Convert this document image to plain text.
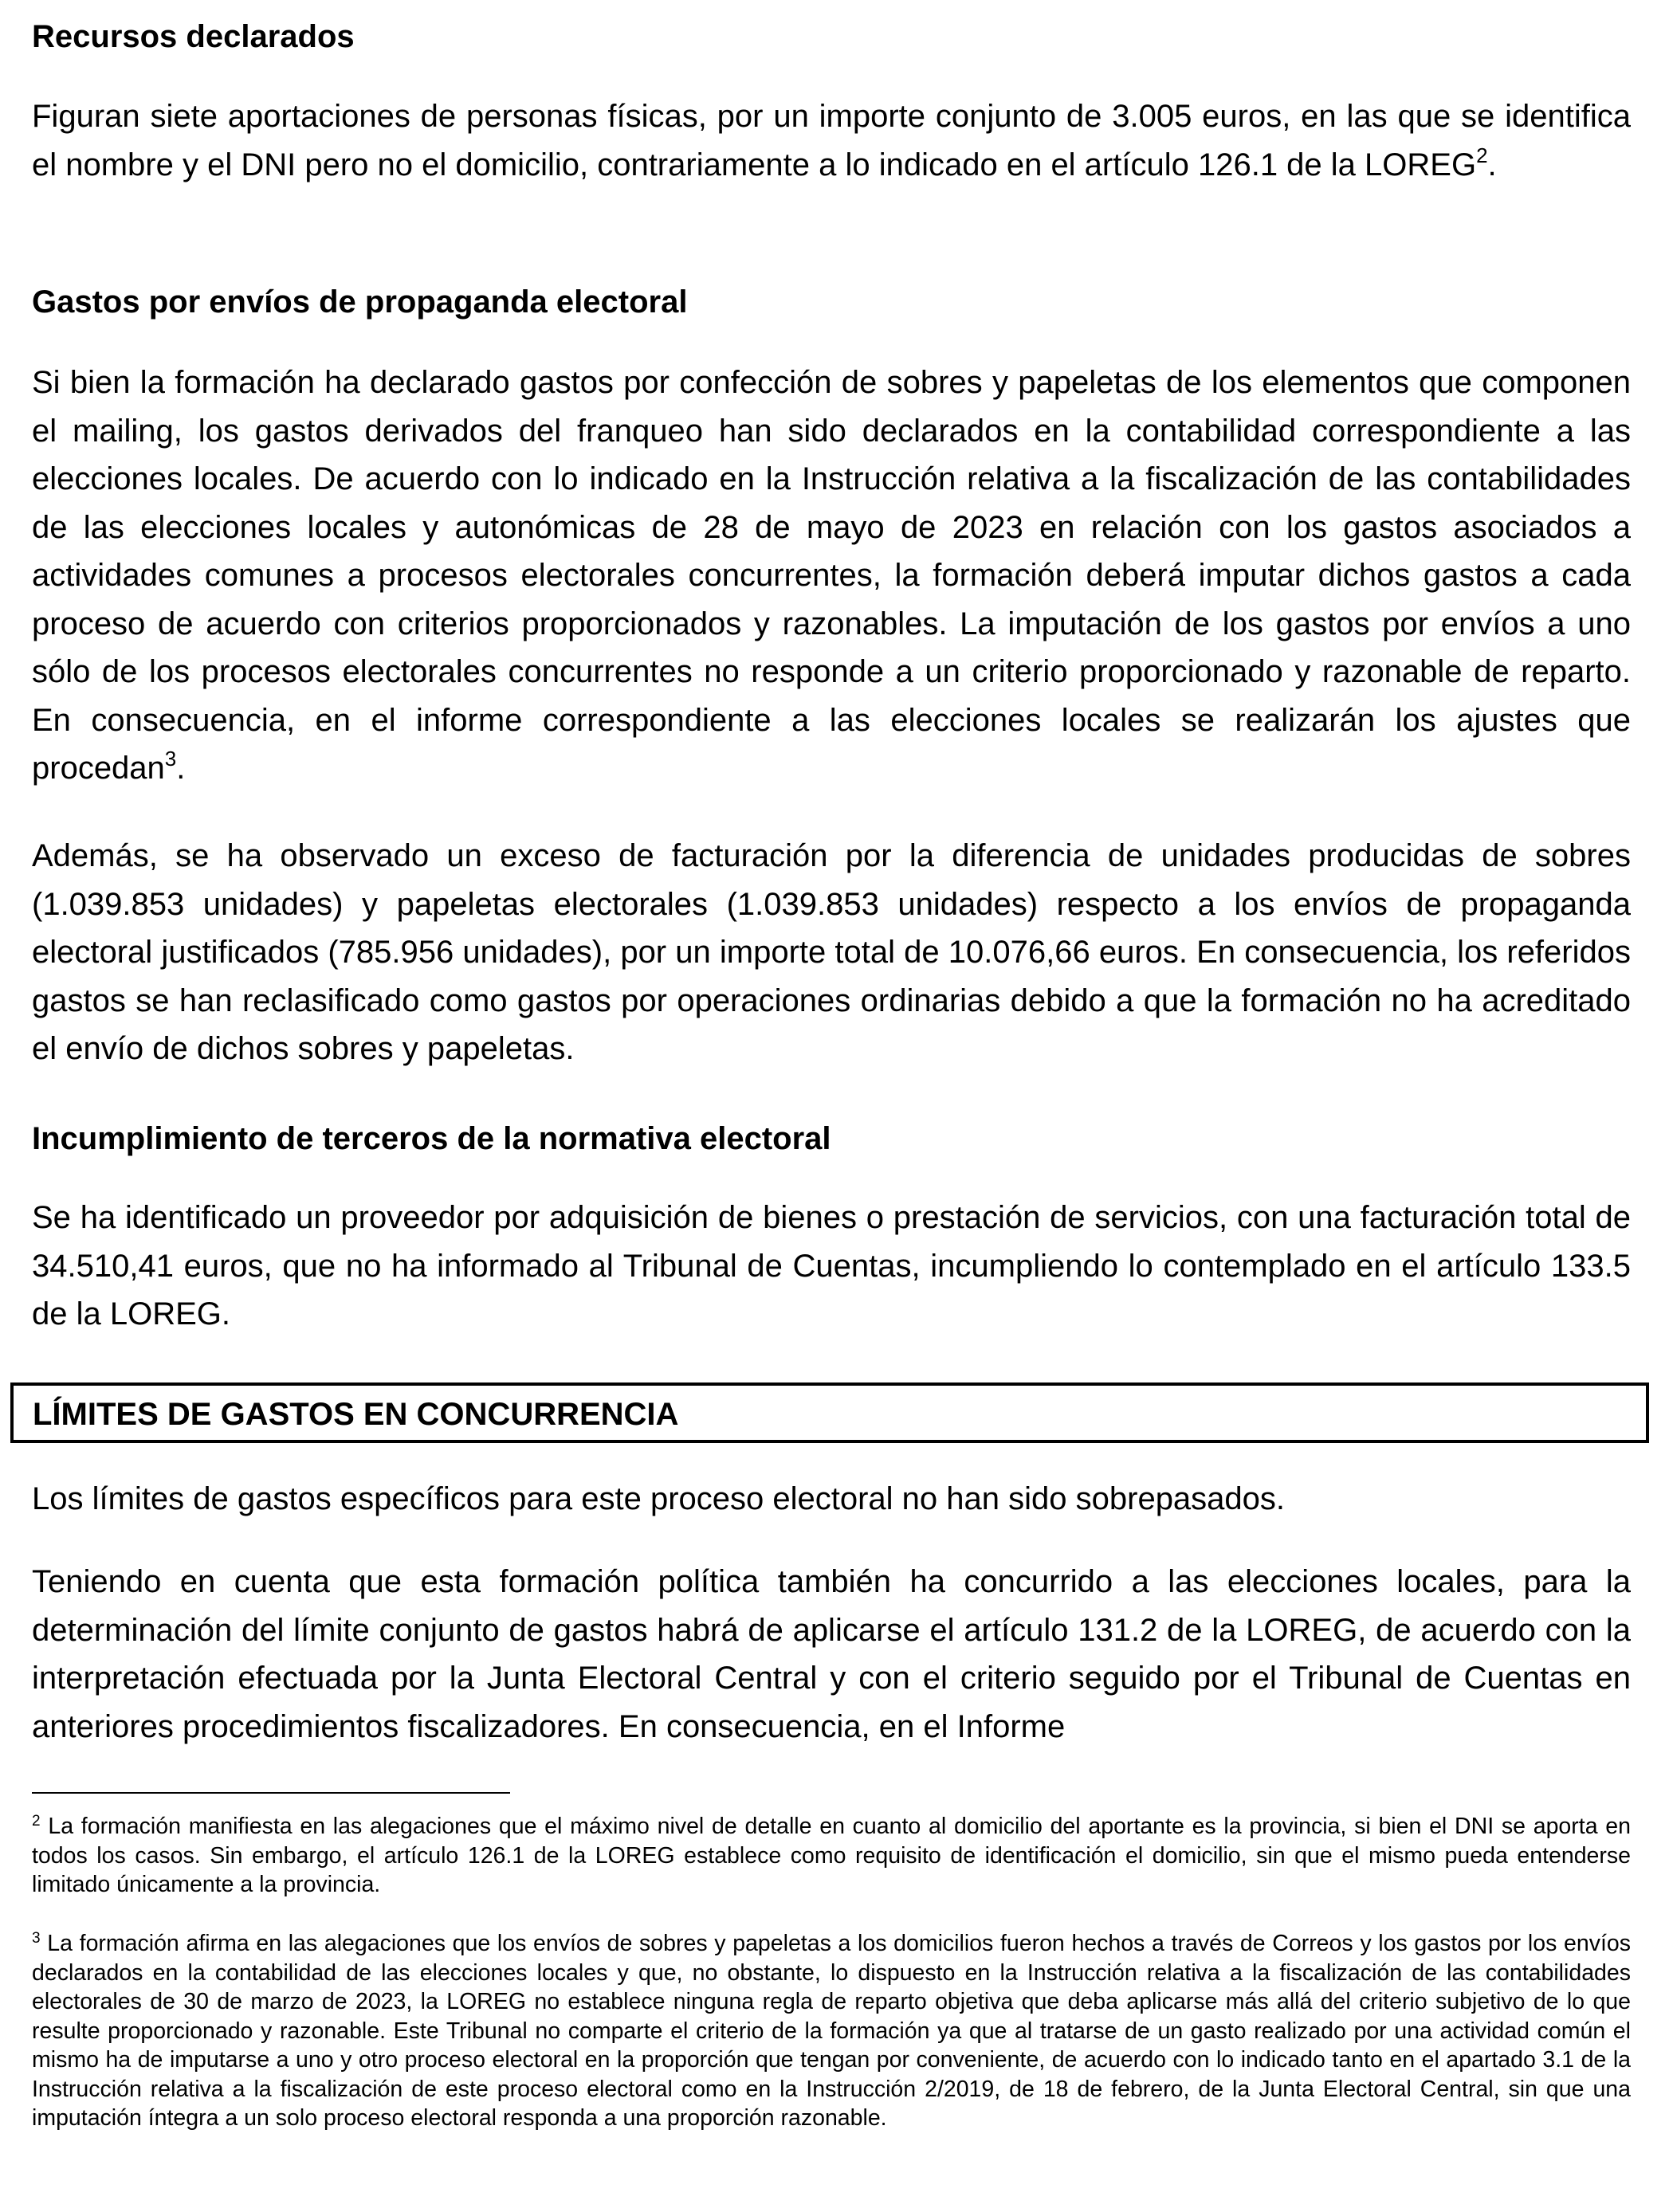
Recursos declarados

Figuran siete aportaciones de personas físicas, por un importe conjunto de 3.005 euros, en las que se identifica el nombre y el DNI pero no el domicilio, contrariamente a lo indicado en el artículo 126.1 de la LOREG$^2$.

Gastos por envíos de propaganda electoral

Si bien la formación ha declarado gastos por confección de sobres y papeletas de los elementos que componen el mailing, los gastos derivados del franqueo han sido declarados en la contabilidad correspondiente a las elecciones locales. De acuerdo con lo indicado en la Instrucción relativa a la fiscalización de las contabilidades de las elecciones locales y autonómicas de 28 de mayo de 2023 en relación con los gastos asociados a actividades comunes a procesos electorales concurrentes, la formación deberá imputar dichos gastos a cada proceso de acuerdo con criterios proporcionados y razonables. La imputación de los gastos por envíos a uno sólo de los procesos electorales concurrentes no responde a un criterio proporcionado y razonable de reparto. En consecuencia, en el informe correspondiente a las elecciones locales se realizarán los ajustes que procedan$^3$.

Además, se ha observado un exceso de facturación por la diferencia de unidades producidas de sobres (1.039.853 unidades) y papeletas electorales (1.039.853 unidades) respecto a los envíos de propaganda electoral justificados (785.956 unidades), por un importe total de 10.076,66 euros. En consecuencia, los referidos gastos se han reclasificado como gastos por operaciones ordinarias debido a que la formación no ha acreditado el envío de dichos sobres y papeletas.

Incumplimiento de terceros de la normativa electoral

Se ha identificado un proveedor por adquisición de bienes o prestación de servicios, con una facturación total de 34.510,41 euros, que no ha informado al Tribunal de Cuentas, incumpliendo lo contemplado en el artículo 133.5 de la LOREG.

LÍMITES DE GASTOS EN CONCURRENCIA

Los límites de gastos específicos para este proceso electoral no han sido sobrepasados.

Teniendo en cuenta que esta formación política también ha concurrido a las elecciones locales, para la determinación del límite conjunto de gastos habrá de aplicarse el artículo 131.2 de la LOREG, de acuerdo con la interpretación efectuada por la Junta Electoral Central y con el criterio seguido por el Tribunal de Cuentas en anteriores procedimientos fiscalizadores. En consecuencia, en el Informe

$^2$ La formación manifiesta en las alegaciones que el máximo nivel de detalle en cuanto al domicilio del aportante es la provincia, si bien el DNI se aporta en todos los casos. Sin embargo, el artículo 126.1 de la LOREG establece como requisito de identificación el domicilio, sin que el mismo pueda entenderse limitado únicamente a la provincia.

$^3$ La formación afirma en las alegaciones que los envíos de sobres y papeletas a los domicilios fueron hechos a través de Correos y los gastos por los envíos declarados en la contabilidad de las elecciones locales y que, no obstante, lo dispuesto en la Instrucción relativa a la fiscalización de las contabilidades electorales de 30 de marzo de 2023, la LOREG no establece ninguna regla de reparto objetiva que deba aplicarse más allá del criterio subjetivo de lo que resulte proporcionado y razonable. Este Tribunal no comparte el criterio de la formación ya que al tratarse de un gasto realizado por una actividad común el mismo ha de imputarse a uno y otro proceso electoral en la proporción que tengan por conveniente, de acuerdo con lo indicado tanto en el apartado 3.1 de la Instrucción relativa a la fiscalización de este proceso electoral como en la Instrucción 2/2019, de 18 de febrero, de la Junta Electoral Central, sin que una imputación íntegra a un solo proceso electoral responda a una proporción razonable.
